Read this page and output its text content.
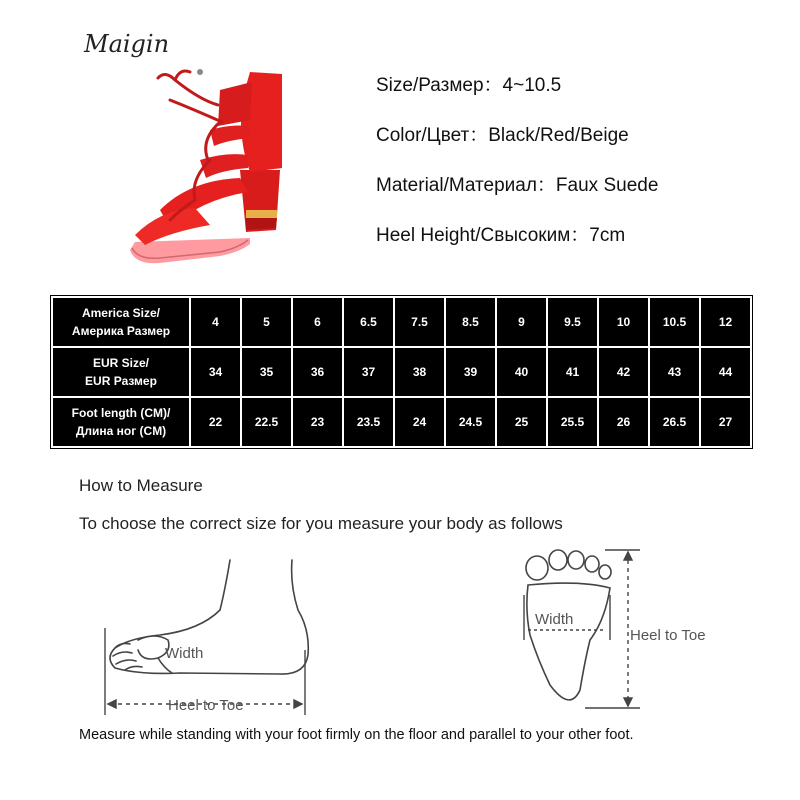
Maigin
Size/Размер：4~10.5
Color/Цвет：Black/Red/Beige
Material/Материал：Faux Suede
Heel Height/Свысоким：7cm
America Size/
Америка Размер	4	5	6	6.5	7.5	8.5	9	9.5	10	10.5	12

EUR Size/
EUR Размер	34	35	36	37	38	39	40	41	42	43	44

Foot length (CM)/
Длина ног (CM)	22	22.5	23	23.5	24	24.5	25	25.5	26	26.5	27
How to Measure
To choose the correct size for you measure your body as follows
Width
Heel to Toe
Width
Heel to Toe
Measure while standing with your foot firmly on the floor and parallel to your other foot.
